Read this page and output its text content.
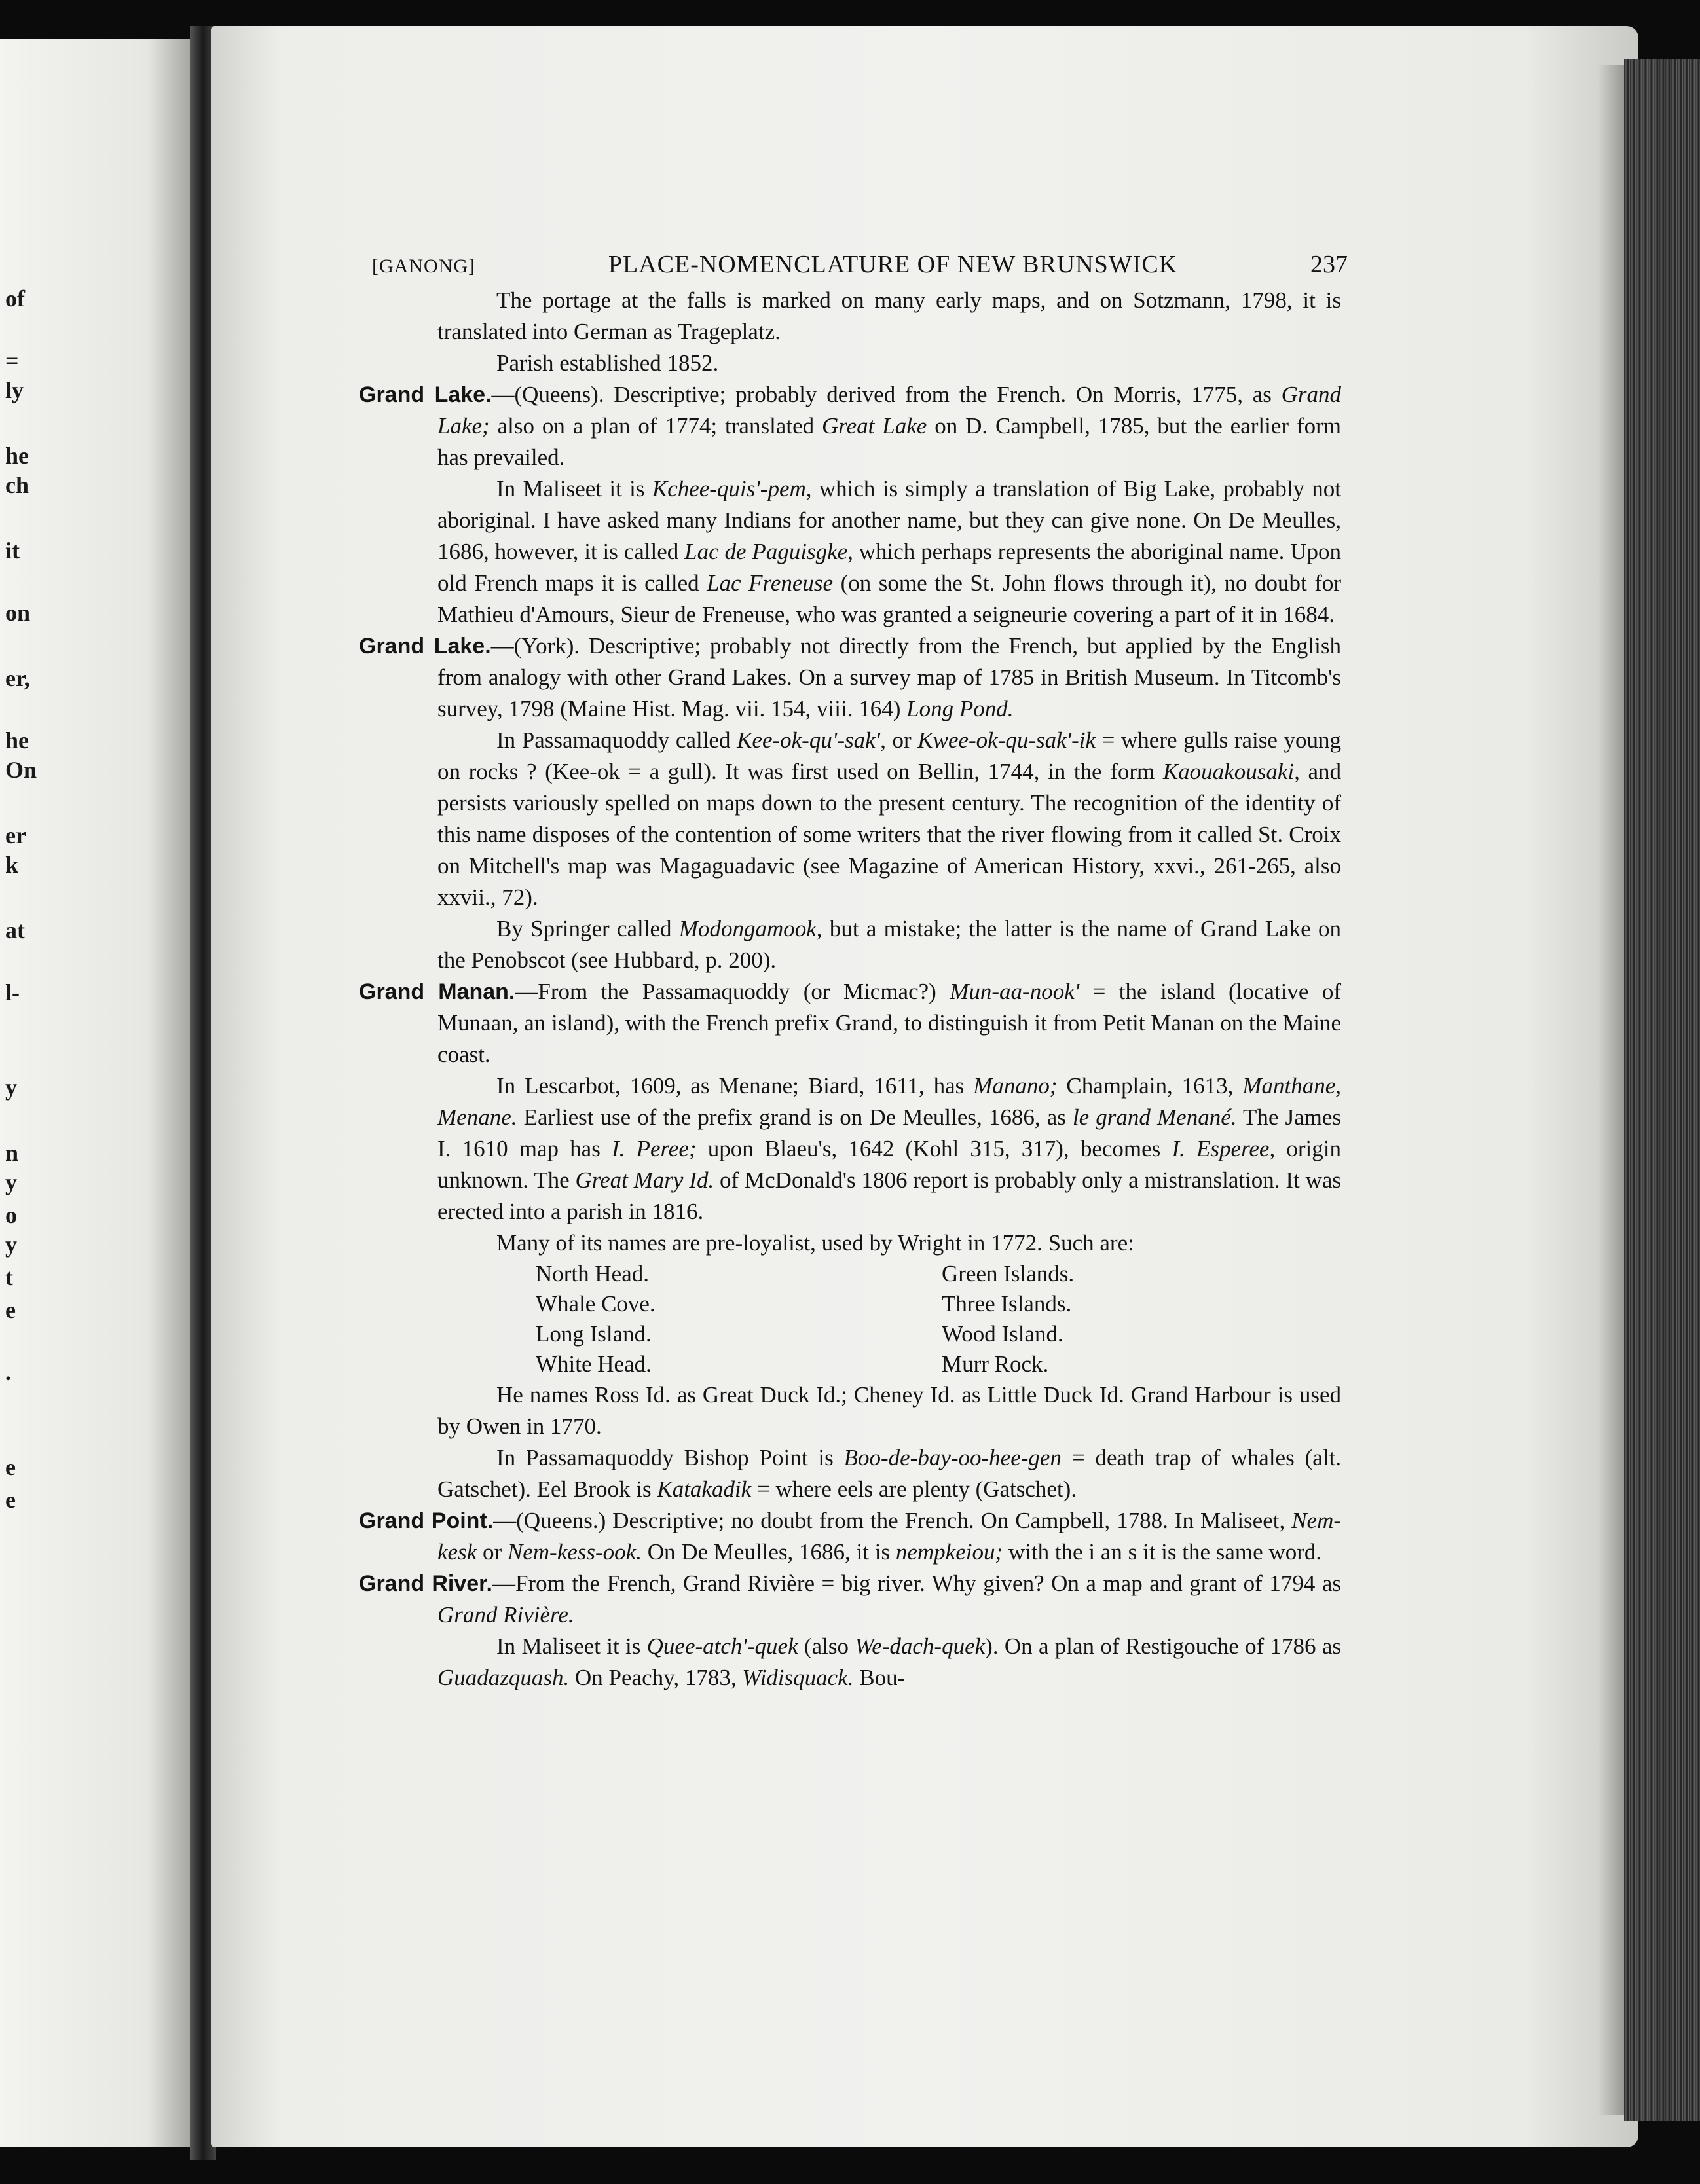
of
=
ly
he
ch
it
on
er,
he
On
er
k
at
l-
y
n
y
o
y
t
e
.
e
e
[GANONG]	PLACE-NOMENCLATURE OF NEW BRUNSWICK	237

The portage at the falls is marked on many early maps, and on Sotzmann, 1798, it is translated into German as Trageplatz.

Parish established 1852.

Grand Lake.—(Queens). Descriptive; probably derived from the French. On Morris, 1775, as Grand Lake; also on a plan of 1774; translated Great Lake on D. Campbell, 1785, but the earlier form has prevailed.

In Maliseet it is Kchee-quis'-pem, which is simply a translation of Big Lake, probably not aboriginal. I have asked many Indians for another name, but they can give none. On De Meulles, 1686, however, it is called Lac de Paguisgke, which perhaps represents the aboriginal name. Upon old French maps it is called Lac Freneuse (on some the St. John flows through it), no doubt for Mathieu d'Amours, Sieur de Freneuse, who was granted a seigneurie covering a part of it in 1684.

Grand Lake.—(York). Descriptive; probably not directly from the French, but applied by the English from analogy with other Grand Lakes. On a survey map of 1785 in British Museum. In Titcomb's survey, 1798 (Maine Hist. Mag. vii. 154, viii. 164) Long Pond.

In Passamaquoddy called Kee-ok-qu'-sak', or Kwee-ok-qu-sak'-ik = where gulls raise young on rocks ? (Kee-ok = a gull). It was first used on Bellin, 1744, in the form Kaouakousaki, and persists variously spelled on maps down to the present century. The recognition of the identity of this name disposes of the contention of some writers that the river flowing from it called St. Croix on Mitchell's map was Magaguadavic (see Magazine of American History, xxvi., 261-265, also xxvii., 72).

By Springer called Modongamook, but a mistake; the latter is the name of Grand Lake on the Penobscot (see Hubbard, p. 200).

Grand Manan.—From the Passamaquoddy (or Micmac?) Mun-aa-nook' = the island (locative of Munaan, an island), with the French prefix Grand, to distinguish it from Petit Manan on the Maine coast.

In Lescarbot, 1609, as Menane; Biard, 1611, has Manano; Champlain, 1613, Manthane, Menane. Earliest use of the prefix grand is on De Meulles, 1686, as le grand Menané. The James I. 1610 map has I. Peree; upon Blaeu's, 1642 (Kohl 315, 317), becomes I. Esperee, origin unknown. The Great Mary Id. of McDonald's 1806 report is probably only a mistranslation. It was erected into a parish in 1816.

Many of its names are pre-loyalist, used by Wright in 1772. Such are:

North Head.	Green Islands.
Whale Cove.	Three Islands.
Long Island.	Wood Island.
White Head.	Murr Rock.

He names Ross Id. as Great Duck Id.; Cheney Id. as Little Duck Id. Grand Harbour is used by Owen in 1770.

In Passamaquoddy Bishop Point is Boo-de-bay-oo-hee-gen = death trap of whales (alt. Gatschet). Eel Brook is Katakadik = where eels are plenty (Gatschet).

Grand Point.—(Queens.) Descriptive; no doubt from the French. On Campbell, 1788. In Maliseet, Nem-kesk or Nem-kess-ook. On De Meulles, 1686, it is nempkeiou; with the i an s it is the same word.

Grand River.—From the French, Grand Rivière = big river. Why given? On a map and grant of 1794 as Grand Rivière.

In Maliseet it is Quee-atch'-quek (also We-dach-quek). On a plan of Restigouche of 1786 as Guadazquash. On Peachy, 1783, Widisquack. Bou-
